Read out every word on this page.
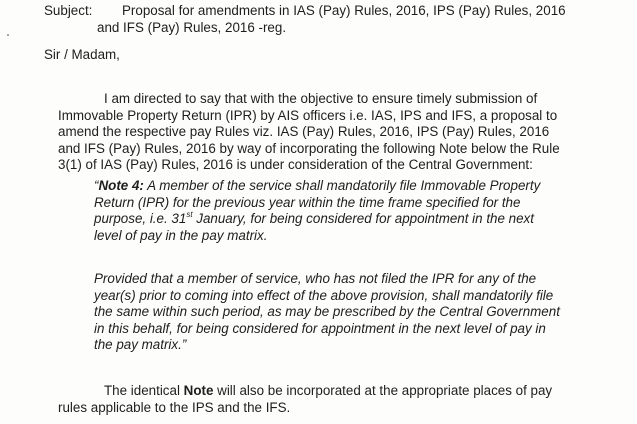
Subject: Proposal for amendments in IAS (Pay) Rules, 2016, IPS (Pay) Rules, 2016
and IFS (Pay) Rules, 2016 -reg.
Sir / Madam,
I am directed to say that with the objective to ensure timely submission of
Immovable Property Return (IPR) by AIS officers i.e. IAS, IPS and IFS, a proposal to
amend the respective pay Rules viz. IAS (Pay) Rules, 2016, IPS (Pay) Rules, 2016
and IFS (Pay) Rules, 2016 by way of incorporating the following Note below the Rule
3(1) of IAS (Pay) Rules, 2016 is under consideration of the Central Government:
“Note 4: A member of the service shall mandatorily file Immovable Property
Return (IPR) for the previous year within the time frame specified for the
purpose, i.e. 31st January, for being considered for appointment in the next
level of pay in the pay matrix.
Provided that a member of service, who has not filed the IPR for any of the
year(s) prior to coming into effect of the above provision, shall mandatorily file
the same within such period, as may be prescribed by the Central Government
in this behalf, for being considered for appointment in the next level of pay in
the pay matrix.”
The identical Note will also be incorporated at the appropriate places of pay
rules applicable to the IPS and the IFS.
